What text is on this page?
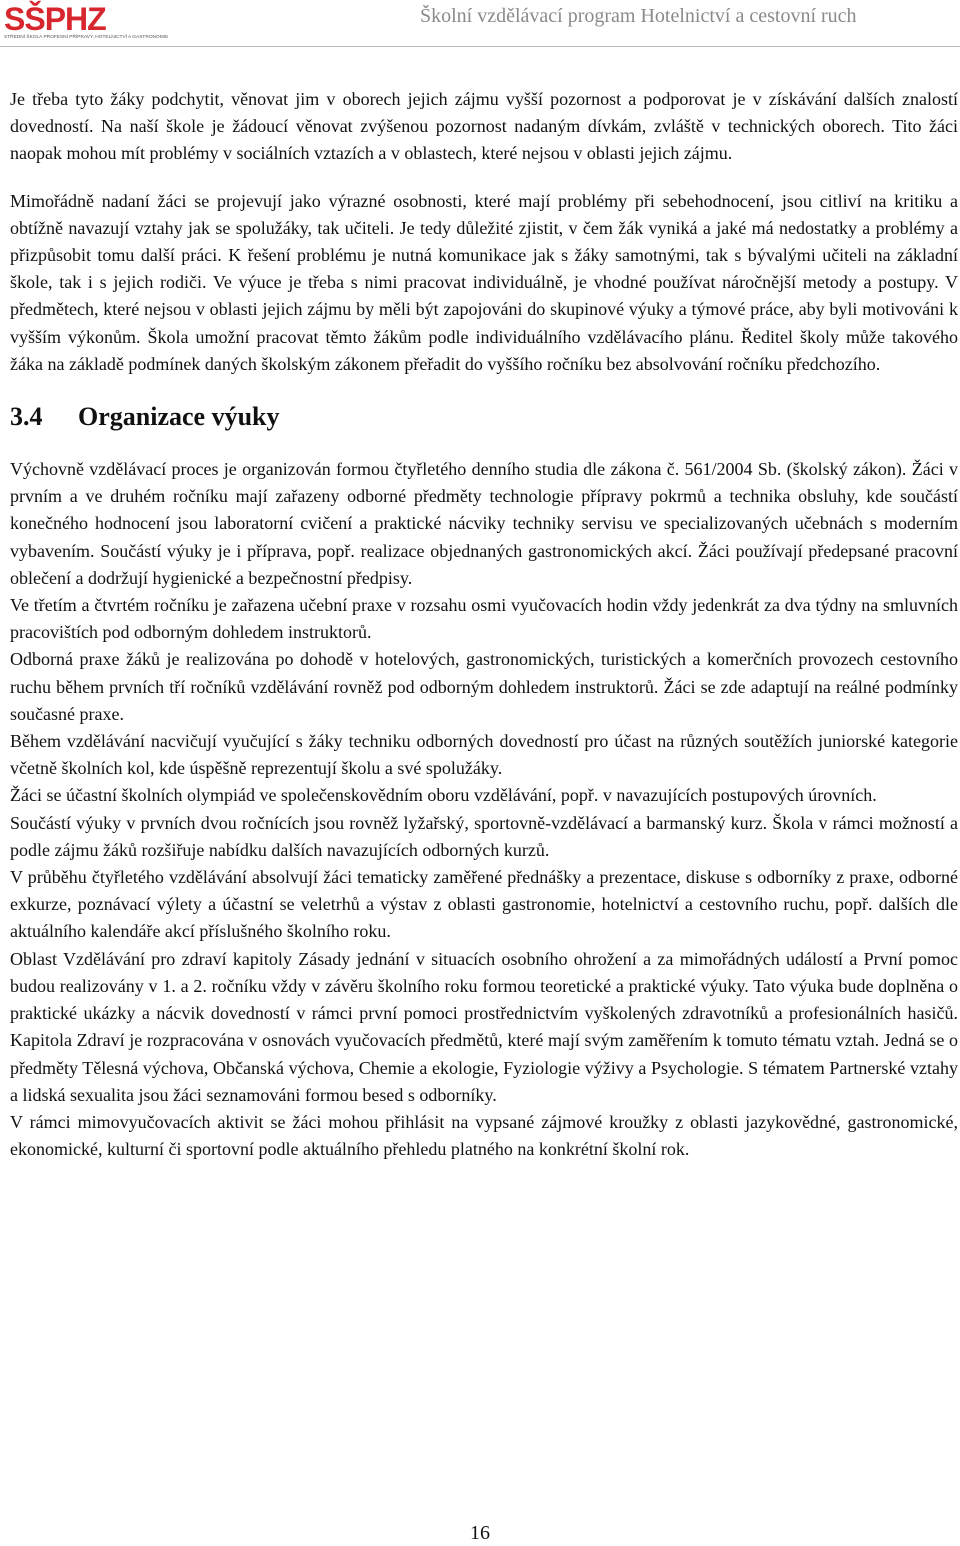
SŠPHZ
STŘEDNÍ ŠKOLA PROFESNÍ PŘÍPRAVY, HOTELNICTVÍ A GASTRONOMIE
Školní vzdělávací program Hotelnictví a cestovní ruch

Je třeba tyto žáky podchytit, věnovat jim v oborech jejich zájmu vyšší pozornost a podporovat je v získávání dalších znalostí dovedností. Na naší škole je žádoucí věnovat zvýšenou pozornost nadaným dívkám, zvláště v technických oborech. Tito žáci naopak mohou mít problémy v sociálních vztazích a v oblastech, které nejsou v oblasti jejich zájmu.

Mimořádně nadaní žáci se projevují jako výrazné osobnosti, které mají problémy při sebehodnocení, jsou citliví na kritiku a obtížně navazují vztahy jak se spolužáky, tak učiteli. Je tedy důležité zjistit, v čem žák vyniká a jaké má nedostatky a problémy a přizpůsobit tomu další práci. K řešení problému je nutná komunikace jak s žáky samotnými, tak s bývalými učiteli na základní škole, tak i s jejich rodiči. Ve výuce je třeba s nimi pracovat individuálně, je vhodné používat náročnější metody a postupy. V předmětech, které nejsou v oblasti jejich zájmu by měli být zapojováni do skupinové výuky a týmové práce, aby byli motivováni k vyšším výkonům. Škola umožní pracovat těmto žákům podle individuálního vzdělávacího plánu. Ředitel školy může takového žáka na základě podmínek daných školským zákonem přeřadit do vyššího ročníku bez absolvování ročníku předchozího.

3.4 Organizace výuky

Výchovně vzdělávací proces je organizován formou čtyřletého denního studia dle zákona č. 561/2004 Sb. (školský zákon). Žáci v prvním a ve druhém ročníku mají zařazeny odborné předměty technologie přípravy pokrmů a technika obsluhy, kde součástí konečného hodnocení jsou laboratorní cvičení a praktické nácviky techniky servisu ve specializovaných učebnách s moderním vybavením. Součástí výuky je i příprava, popř. realizace objednaných gastronomických akcí. Žáci používají předepsané pracovní oblečení a dodržují hygienické a bezpečnostní předpisy.

Ve třetím a čtvrtém ročníku je zařazena učební praxe v rozsahu osmi vyučovacích hodin vždy jedenkrát za dva týdny na smluvních pracovištích pod odborným dohledem instruktorů.

Odborná praxe žáků je realizována po dohodě v hotelových, gastronomických, turistických a komerčních provozech cestovního ruchu během prvních tří ročníků vzdělávání rovněž pod odborným dohledem instruktorů. Žáci se zde adaptují na reálné podmínky současné praxe.

Během vzdělávání nacvičují vyučující s žáky techniku odborných dovedností pro účast na různých soutěžích juniorské kategorie včetně školních kol, kde úspěšně reprezentují školu a své spolužáky.

Žáci se účastní školních olympiád ve společenskovědním oboru vzdělávání, popř. v navazujících postupových úrovních.

Součástí výuky v prvních dvou ročnících jsou rovněž lyžařský, sportovně-vzdělávací a barmanský kurz. Škola v rámci možností a podle zájmu žáků rozšiřuje nabídku dalších navazujících odborných kurzů.

V průběhu čtyřletého vzdělávání absolvují žáci tematicky zaměřené přednášky a prezentace, diskuse s odborníky z praxe, odborné exkurze, poznávací výlety a účastní se veletrhů a výstav z oblasti gastronomie, hotelnictví a cestovního ruchu, popř. dalších dle aktuálního kalendáře akcí příslušného školního roku.

Oblast Vzdělávání pro zdraví kapitoly Zásady jednání v situacích osobního ohrožení a za mimořádných událostí a První pomoc budou realizovány v 1. a 2. ročníku vždy v závěru školního roku formou teoretické a praktické výuky. Tato výuka bude doplněna o praktické ukázky a nácvik dovedností v rámci první pomoci prostřednictvím vyškolených zdravotníků a profesionálních hasičů. Kapitola Zdraví je rozpracována v osnovách vyučovacích předmětů, které mají svým zaměřením k tomuto tématu vztah. Jedná se o předměty Tělesná výchova, Občanská výchova, Chemie a ekologie, Fyziologie výživy a Psychologie. S tématem Partnerské vztahy a lidská sexualita jsou žáci seznamováni formou besed s odborníky.

V rámci mimovyučovacích aktivit se žáci mohou přihlásit na vypsané zájmové kroužky z oblasti jazykovědné, gastronomické, ekonomické, kulturní či sportovní podle aktuálního přehledu platného na konkrétní školní rok.

16
